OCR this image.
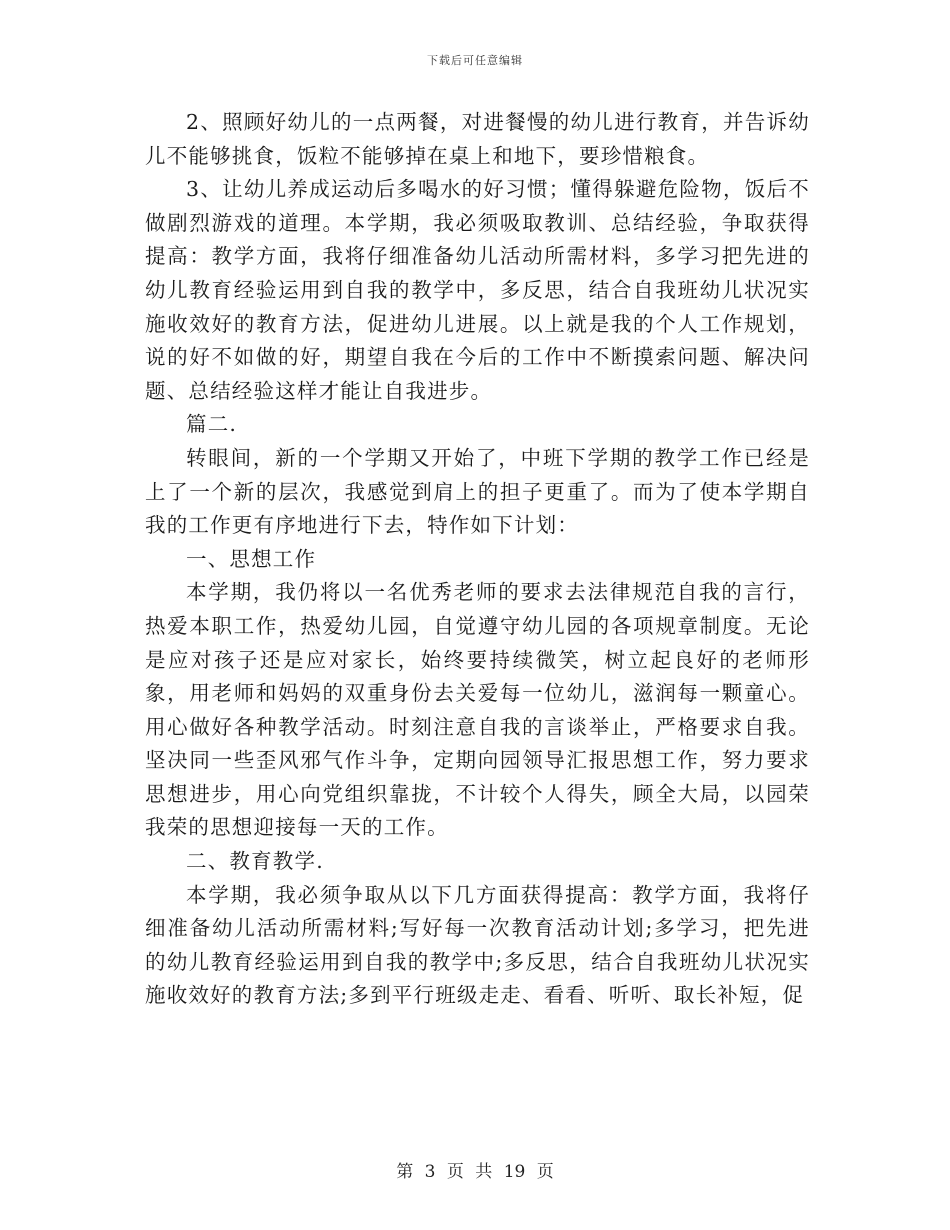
下载后可任意编辑

2、照顾好幼儿的一点两餐，对进餐慢的幼儿进行教育，并告诉幼儿不能够挑食，饭粒不能够掉在桌上和地下，要珍惜粮食。

3、让幼儿养成运动后多喝水的好习惯；懂得躲避危险物，饭后不做剧烈游戏的道理。本学期，我必须吸取教训、总结经验，争取获得提高：教学方面，我将仔细准备幼儿活动所需材料，多学习把先进的幼儿教育经验运用到自我的教学中，多反思，结合自我班幼儿状况实施收效好的教育方法，促进幼儿进展。以上就是我的个人工作规划，说的好不如做的好，期望自我在今后的工作中不断摸索问题、解决问题、总结经验这样才能让自我进步。

篇二.

转眼间，新的一个学期又开始了，中班下学期的教学工作已经是上了一个新的层次，我感觉到肩上的担子更重了。而为了使本学期自我的工作更有序地进行下去，特作如下计划：

一、思想工作

本学期，我仍将以一名优秀老师的要求去法律规范自我的言行，热爱本职工作，热爱幼儿园，自觉遵守幼儿园的各项规章制度。无论是应对孩子还是应对家长，始终要持续微笑，树立起良好的老师形象，用老师和妈妈的双重身份去关爱每一位幼儿，滋润每一颗童心。用心做好各种教学活动。时刻注意自我的言谈举止，严格要求自我。坚决同一些歪风邪气作斗争，定期向园领导汇报思想工作，努力要求思想进步，用心向党组织靠拢，不计较个人得失，顾全大局，以园荣我荣的思想迎接每一天的工作。

二、教育教学.

本学期，我必须争取从以下几方面获得提高：教学方面，我将仔细准备幼儿活动所需材料;写好每一次教育活动计划;多学习，把先进的幼儿教育经验运用到自我的教学中;多反思，结合自我班幼儿状况实施收效好的教育方法;多到平行班级走走、看看、听听、取长补短，促

第 3 页 共 19 页
